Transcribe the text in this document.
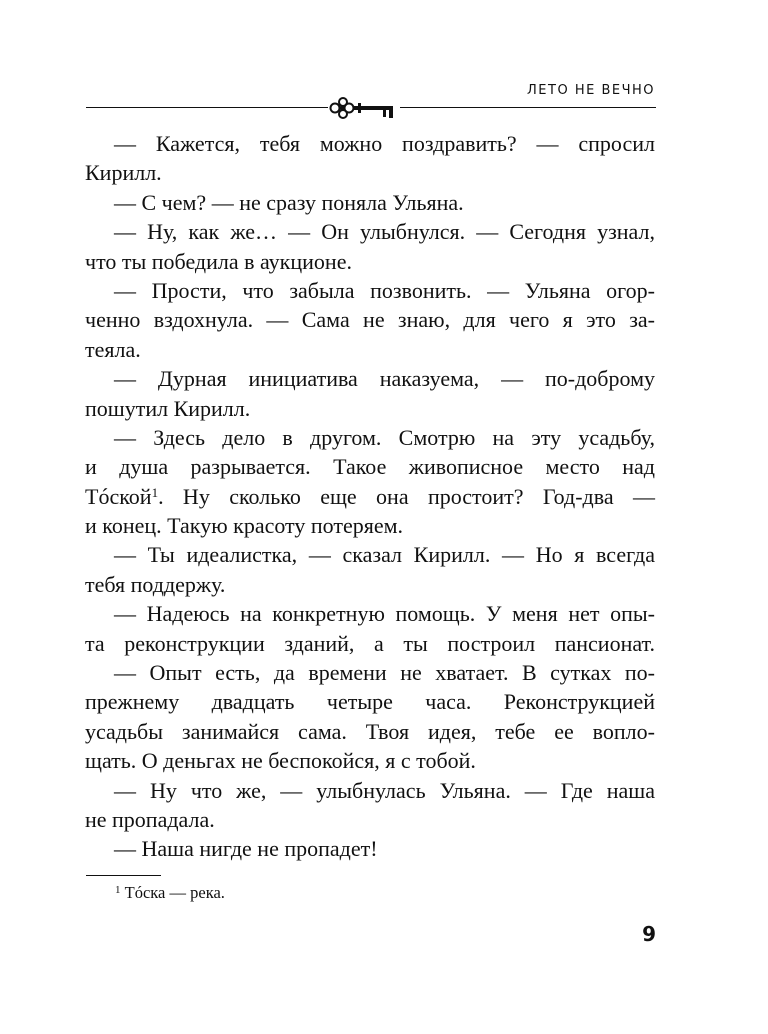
ЛЕТО НЕ ВЕЧНО

— Кажется, тебя можно поздравить? — спросил
Кирилл.
— С чем? — не сразу поняла Ульяна.
— Ну, как же… — Он улыбнулся. — Сегодня узнал,
что ты победила в аукционе.
— Прости, что забыла позвонить. — Ульяна огор-
ченно вздохнула. — Сама не знаю, для чего я это за-
теяла.
— Дурная инициатива наказуема, — по-доброму
пошутил Кирилл.
— Здесь дело в другом. Смотрю на эту усадьбу,
и душа разрывается. Такое живописное место над
Тóской$^1$. Ну сколько еще она простоит? Год-два —
и конец. Такую красоту потеряем.
— Ты идеалистка, — сказал Кирилл. — Но я всегда
тебя поддержу.
— Надеюсь на конкретную помощь. У меня нет опы-
та реконструкции зданий, а ты построил пансионат.
— Опыт есть, да времени не хватает. В сутках по-
прежнему двадцать четыре часа. Реконструкцией
усадьбы занимайся сама. Твоя идея, тебе ее вопло-
щать. О деньгах не беспокойся, я с тобой.
— Ну что же, — улыбнулась Ульяна. — Где наша
не пропадала.
— Наша нигде не пропадет!

$^1$ Тóска — река.

9
